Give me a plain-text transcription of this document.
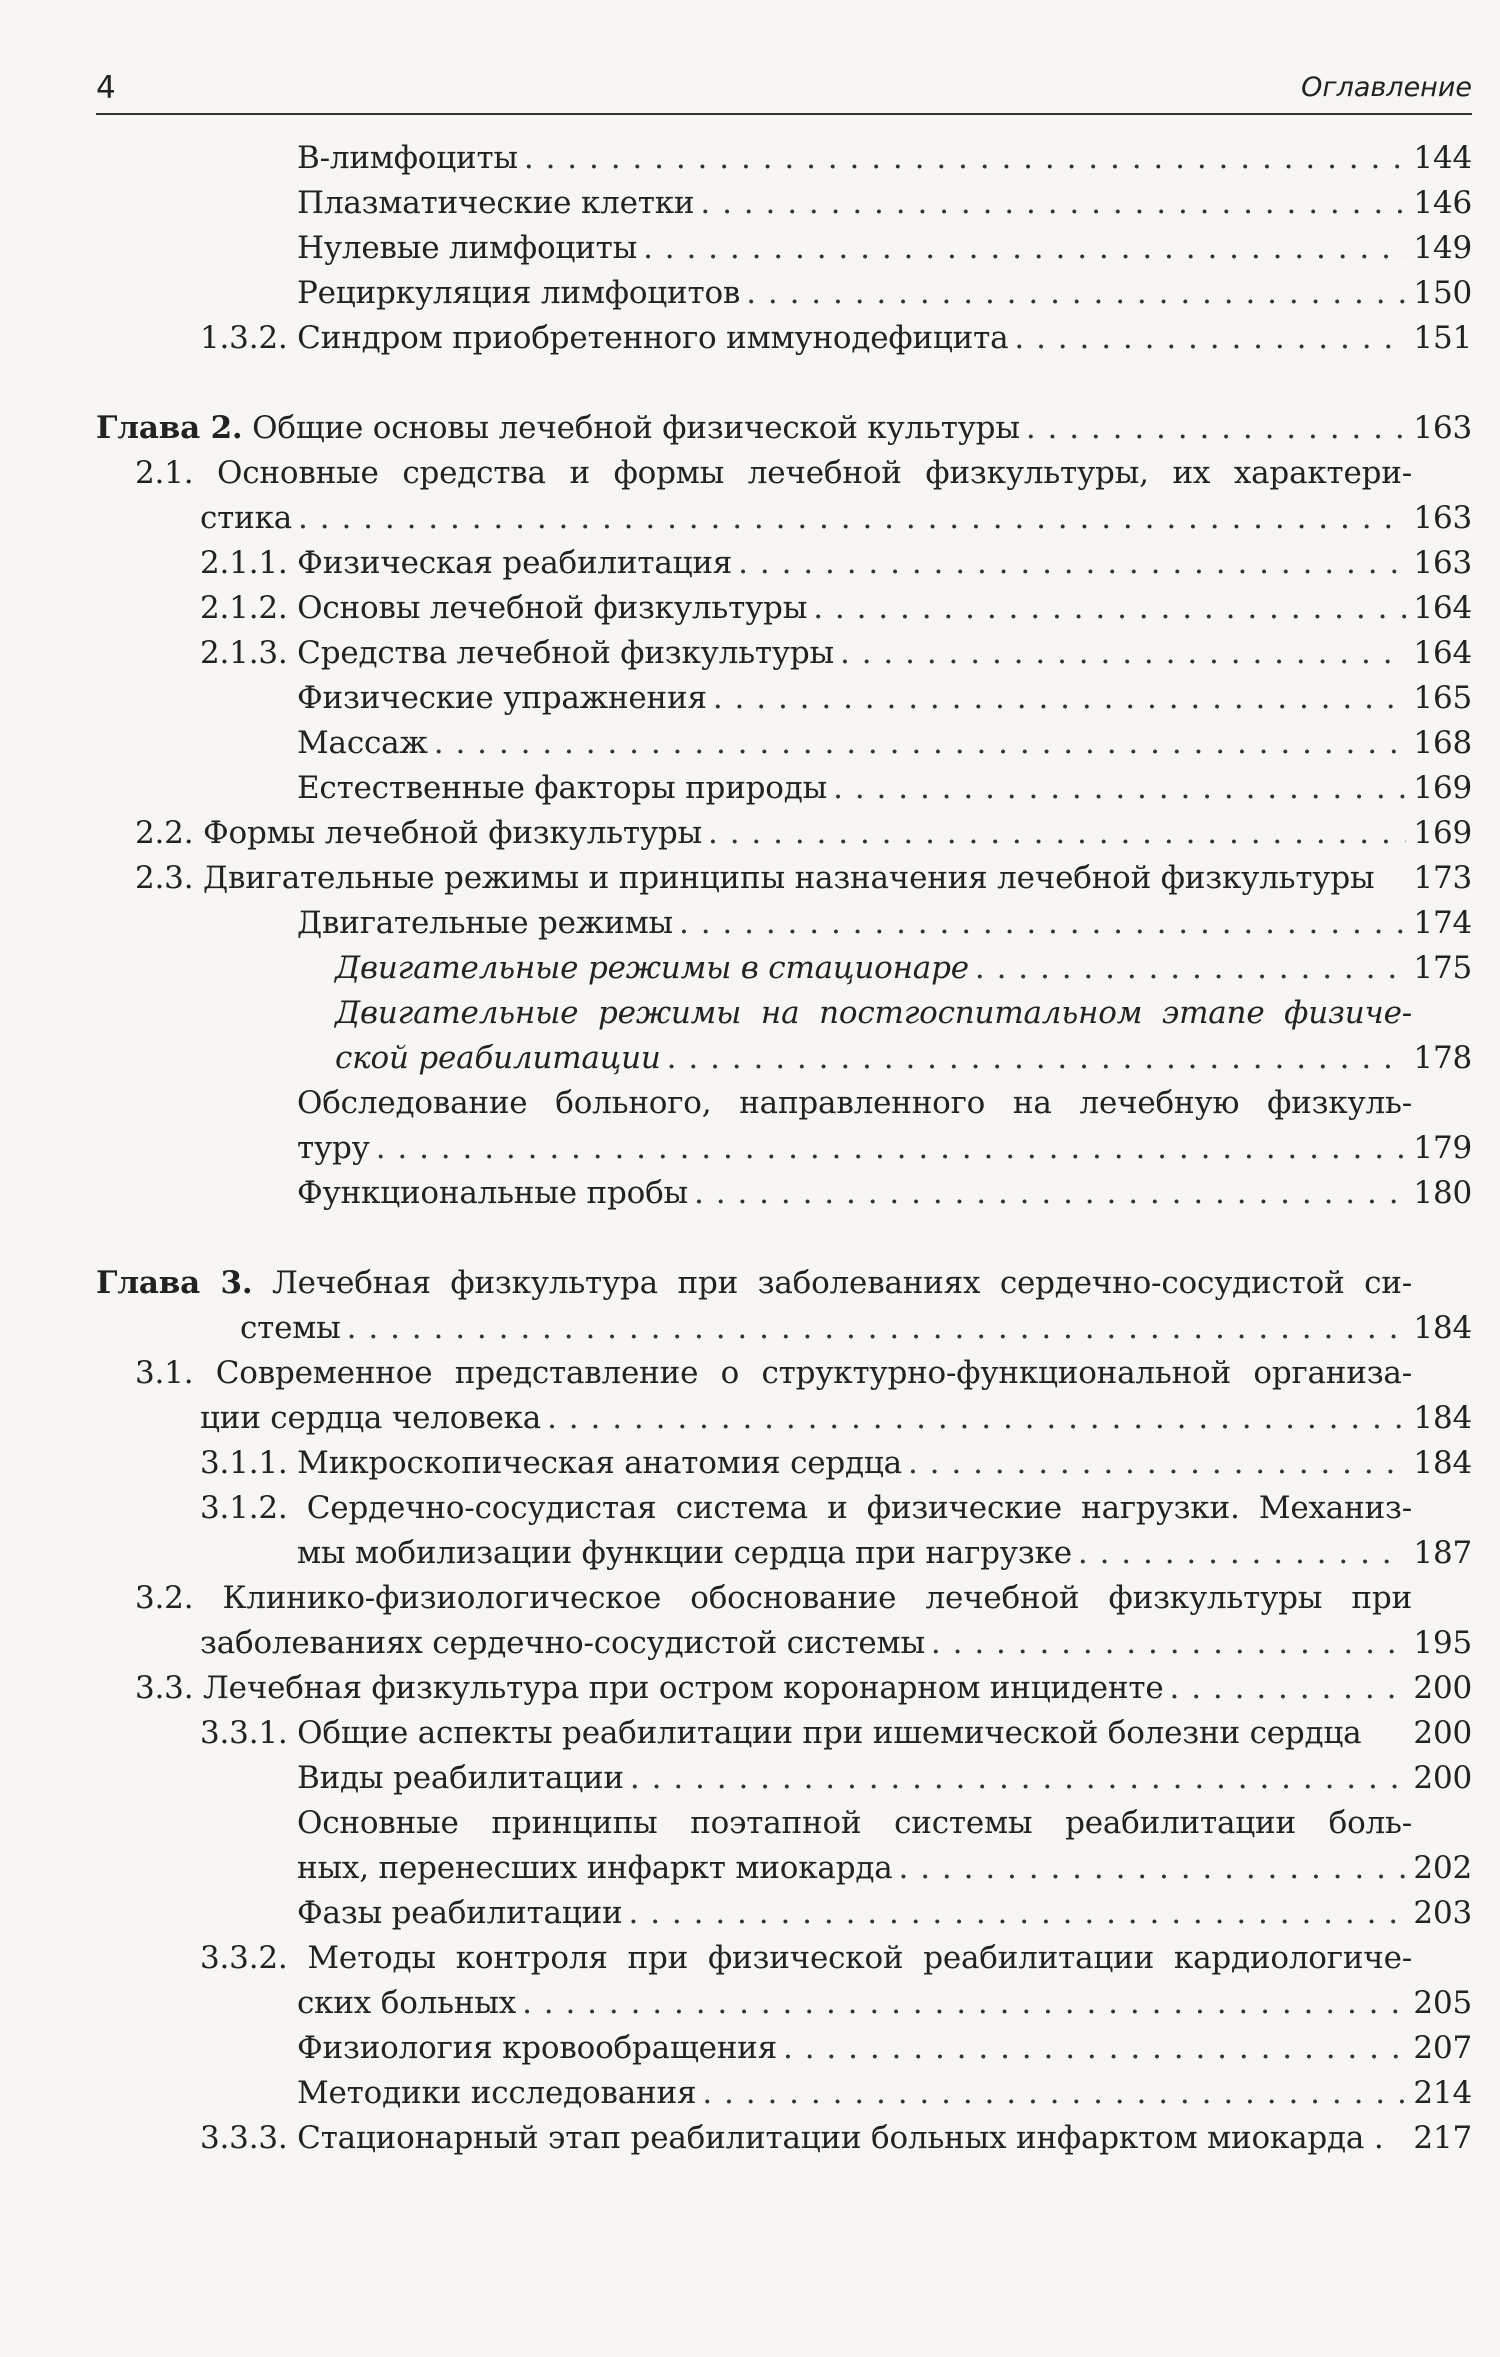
4	Оглавление
В-лимфоциты . . .	144
Плазматические клетки . . .	146
Нулевые лимфоциты . . .	149
Рециркуляция лимфоцитов . . .	150
1.3.2. Синдром приобретенного иммунодефицита . . .	151
Глава 2. Общие основы лечебной физической культуры . . .	163
2.1. Основные средства и формы лечебной физкультуры, их характери-
стика . . .	163
2.1.1. Физическая реабилитация . . .	163
2.1.2. Основы лечебной физкультуры . . .	164
2.1.3. Средства лечебной физкультуры . . .	164
Физические упражнения . . .	165
Массаж . . .	168
Естественные факторы природы . . .	169
2.2. Формы лечебной физкультуры . . .	169
2.3. Двигательные режимы и принципы назначения лечебной физкультуры 173
Двигательные режимы . . .	174
Двигательные режимы в стационаре . . .	175
Двигательные режимы на постгоспитальном этапе физиче-
ской реабилитации . . .	178
Обследование больного, направленного на лечебную физкуль-
туру . . .	179
Функциональные пробы . . .	180
Глава 3. Лечебная физкультура при заболеваниях сердечно-сосудистой си-
стемы . . .	184
3.1. Современное представление о структурно-функциональной организа-
ции сердца человека . . .	184
3.1.1. Микроскопическая анатомия сердца . . .	184
3.1.2. Сердечно-сосудистая система и физические нагрузки. Механиз-
мы мобилизации функции сердца при нагрузке . . .	187
3.2. Клинико-физиологическое обоснование лечебной физкультуры при
заболеваниях сердечно-сосудистой системы . . .	195
3.3. Лечебная физкультура при остром коронарном инциденте . . .	200
3.3.1. Общие аспекты реабилитации при ишемической болезни сердца 200
Виды реабилитации . . .	200
Основные принципы поэтапной системы реабилитации боль-
ных, перенесших инфаркт миокарда . . .	202
Фазы реабилитации . . .	203
3.3.2. Методы контроля при физической реабилитации кардиологиче-
ских больных . . .	205
Физиология кровообращения . . .	207
Методики исследования . . .	214
3.3.3. Стационарный этап реабилитации больных инфарктом миокарда . 217
